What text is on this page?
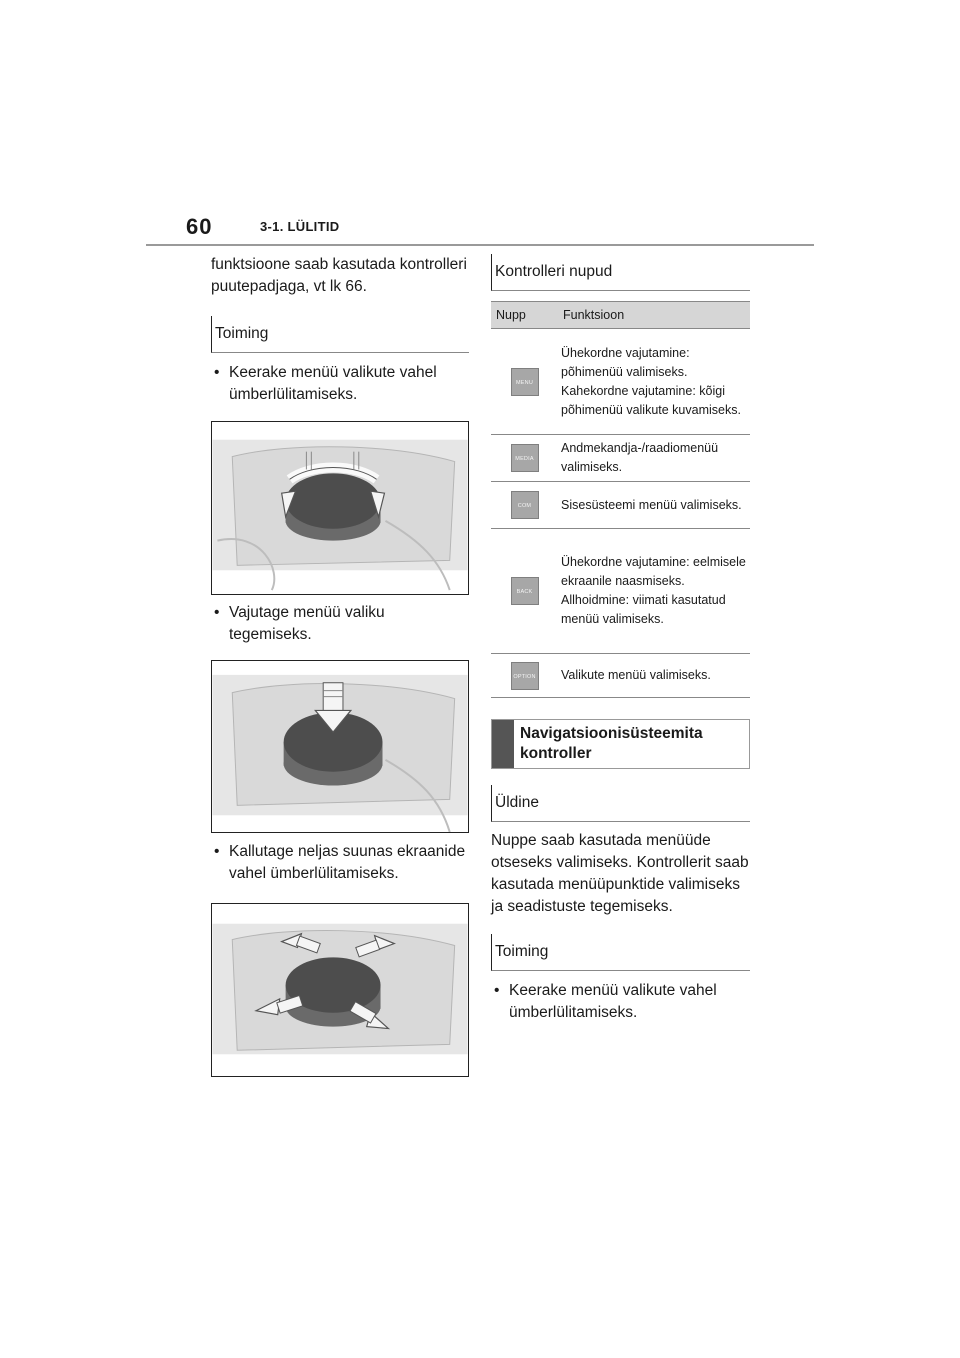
60	3-1. LÜLITID

funktsioone saab kasutada kontrolleri puutepadjaga, vt lk 66.

Toiming

• Keerake menüü valikute vahel ümberlülitamiseks.

• Vajutage menüü valiku tegemiseks.

• Kallutage neljas suunas ekraanide vahel ümberlülitamiseks.

Kontrolleri nupud
Nupp	Funktsioon
MENU	Ühekordne vajutamine: põhimenüü valimiseks. Kahekordne vajutamine: kõigi põhimenüü valikute kuvamiseks.
MEDIA	Andmekandja-/raadiomenüü valimiseks.
COM	Sisesüsteemi menüü valimiseks.
BACK	Ühekordne vajutamine: eelmisele ekraanile naasmiseks. Allhoidmine: viimati kasutatud menüü valimiseks.
OPTION	Valikute menüü valimiseks.
Navigatsioonisüsteemita kontroller
Üldine

Nuppe saab kasutada menüüde otseseks valimiseks. Kontrollerit saab kasutada menüüpunktide valimiseks ja seadistuste tegemiseks.

Toiming

• Keerake menüü valikute vahel ümberlülitamiseks.
